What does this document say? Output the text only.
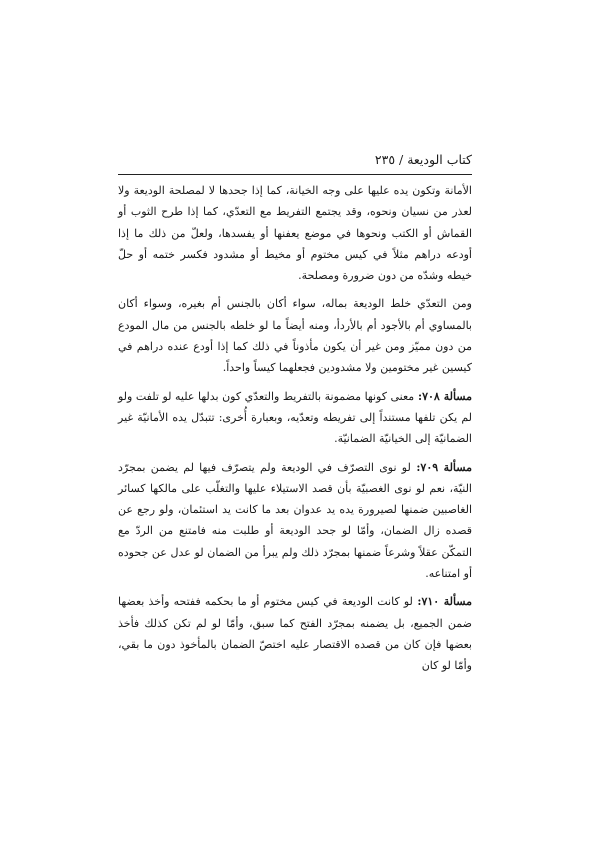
كتاب الوديعة / ٢٣٥

الأمانة وتكون يده عليها على وجه الخيانة، كما إذا جحدها لا لمصلحة الوديعة ولا لعذر من نسيان ونحوه، وقد يجتمع التفريط مع التعدّي، كما إذا طرح الثوب أو القماش أو الكتب ونحوها في موضع يعفنها أو يفسدها، ولعلّ من ذلك ما إذا أودعه دراهم مثلاً في كيس مختوم أو مخيط أو مشدود فكسر ختمه أو حلّ خيطه وشدّه من دون ضرورة ومصلحة.

ومن التعدّي خلط الوديعة بماله، سواء أكان بالجنس أم بغيره، وسواء أكان بالمساوي أم بالأجود أم بالأردأ، ومنه أيضاً ما لو خلطه بالجنس من مال المودع من دون مميّز ومن غير أن يكون مأذوناً في ذلك كما إذا أودع عنده دراهم في كيسين غير مختومين ولا مشدودين فجعلهما كيساً واحداً.

مسألة ٧٠٨: معنى كونها مضمونة بالتفريط والتعدّي كون بدلها عليه لو تلفت ولو لم يكن تلفها مستنداً إلى تفريطه وتعدّيه، وبعبارة أُخرى: تتبدّل يده الأمانيّة غير الضمانيّة إلى الخيانيّة الضمانيّة.

مسألة ٧٠٩: لو نوى التصرّف في الوديعة ولم يتصرّف فيها لم يضمن بمجرّد النيّة، نعم لو نوى الغصبيّة بأن قصد الاستيلاء عليها والتغلّب على مالكها كسائر الغاصبين ضمنها لصيرورة يده يد عدوان بعد ما كانت يد استئمان، ولو رجع عن قصده زال الضمان، وأمّا لو جحد الوديعة أو طلبت منه فامتنع من الردّ مع التمكّن عقلاً وشرعاً ضمنها بمجرّد ذلك ولم يبرأ من الضمان لو عدل عن جحوده أو امتناعه.

مسألة ٧١٠: لو كانت الوديعة في كيس مختوم أو ما بحكمه ففتحه وأخذ بعضها ضمن الجميع، بل يضمنه بمجرّد الفتح كما سبق، وأمّا لو لم تكن كذلك فأخذ بعضها فإن كان من قصده الاقتصار عليه اختصّ الضمان بالمأخوذ دون ما بقي، وأمّا لو كان
